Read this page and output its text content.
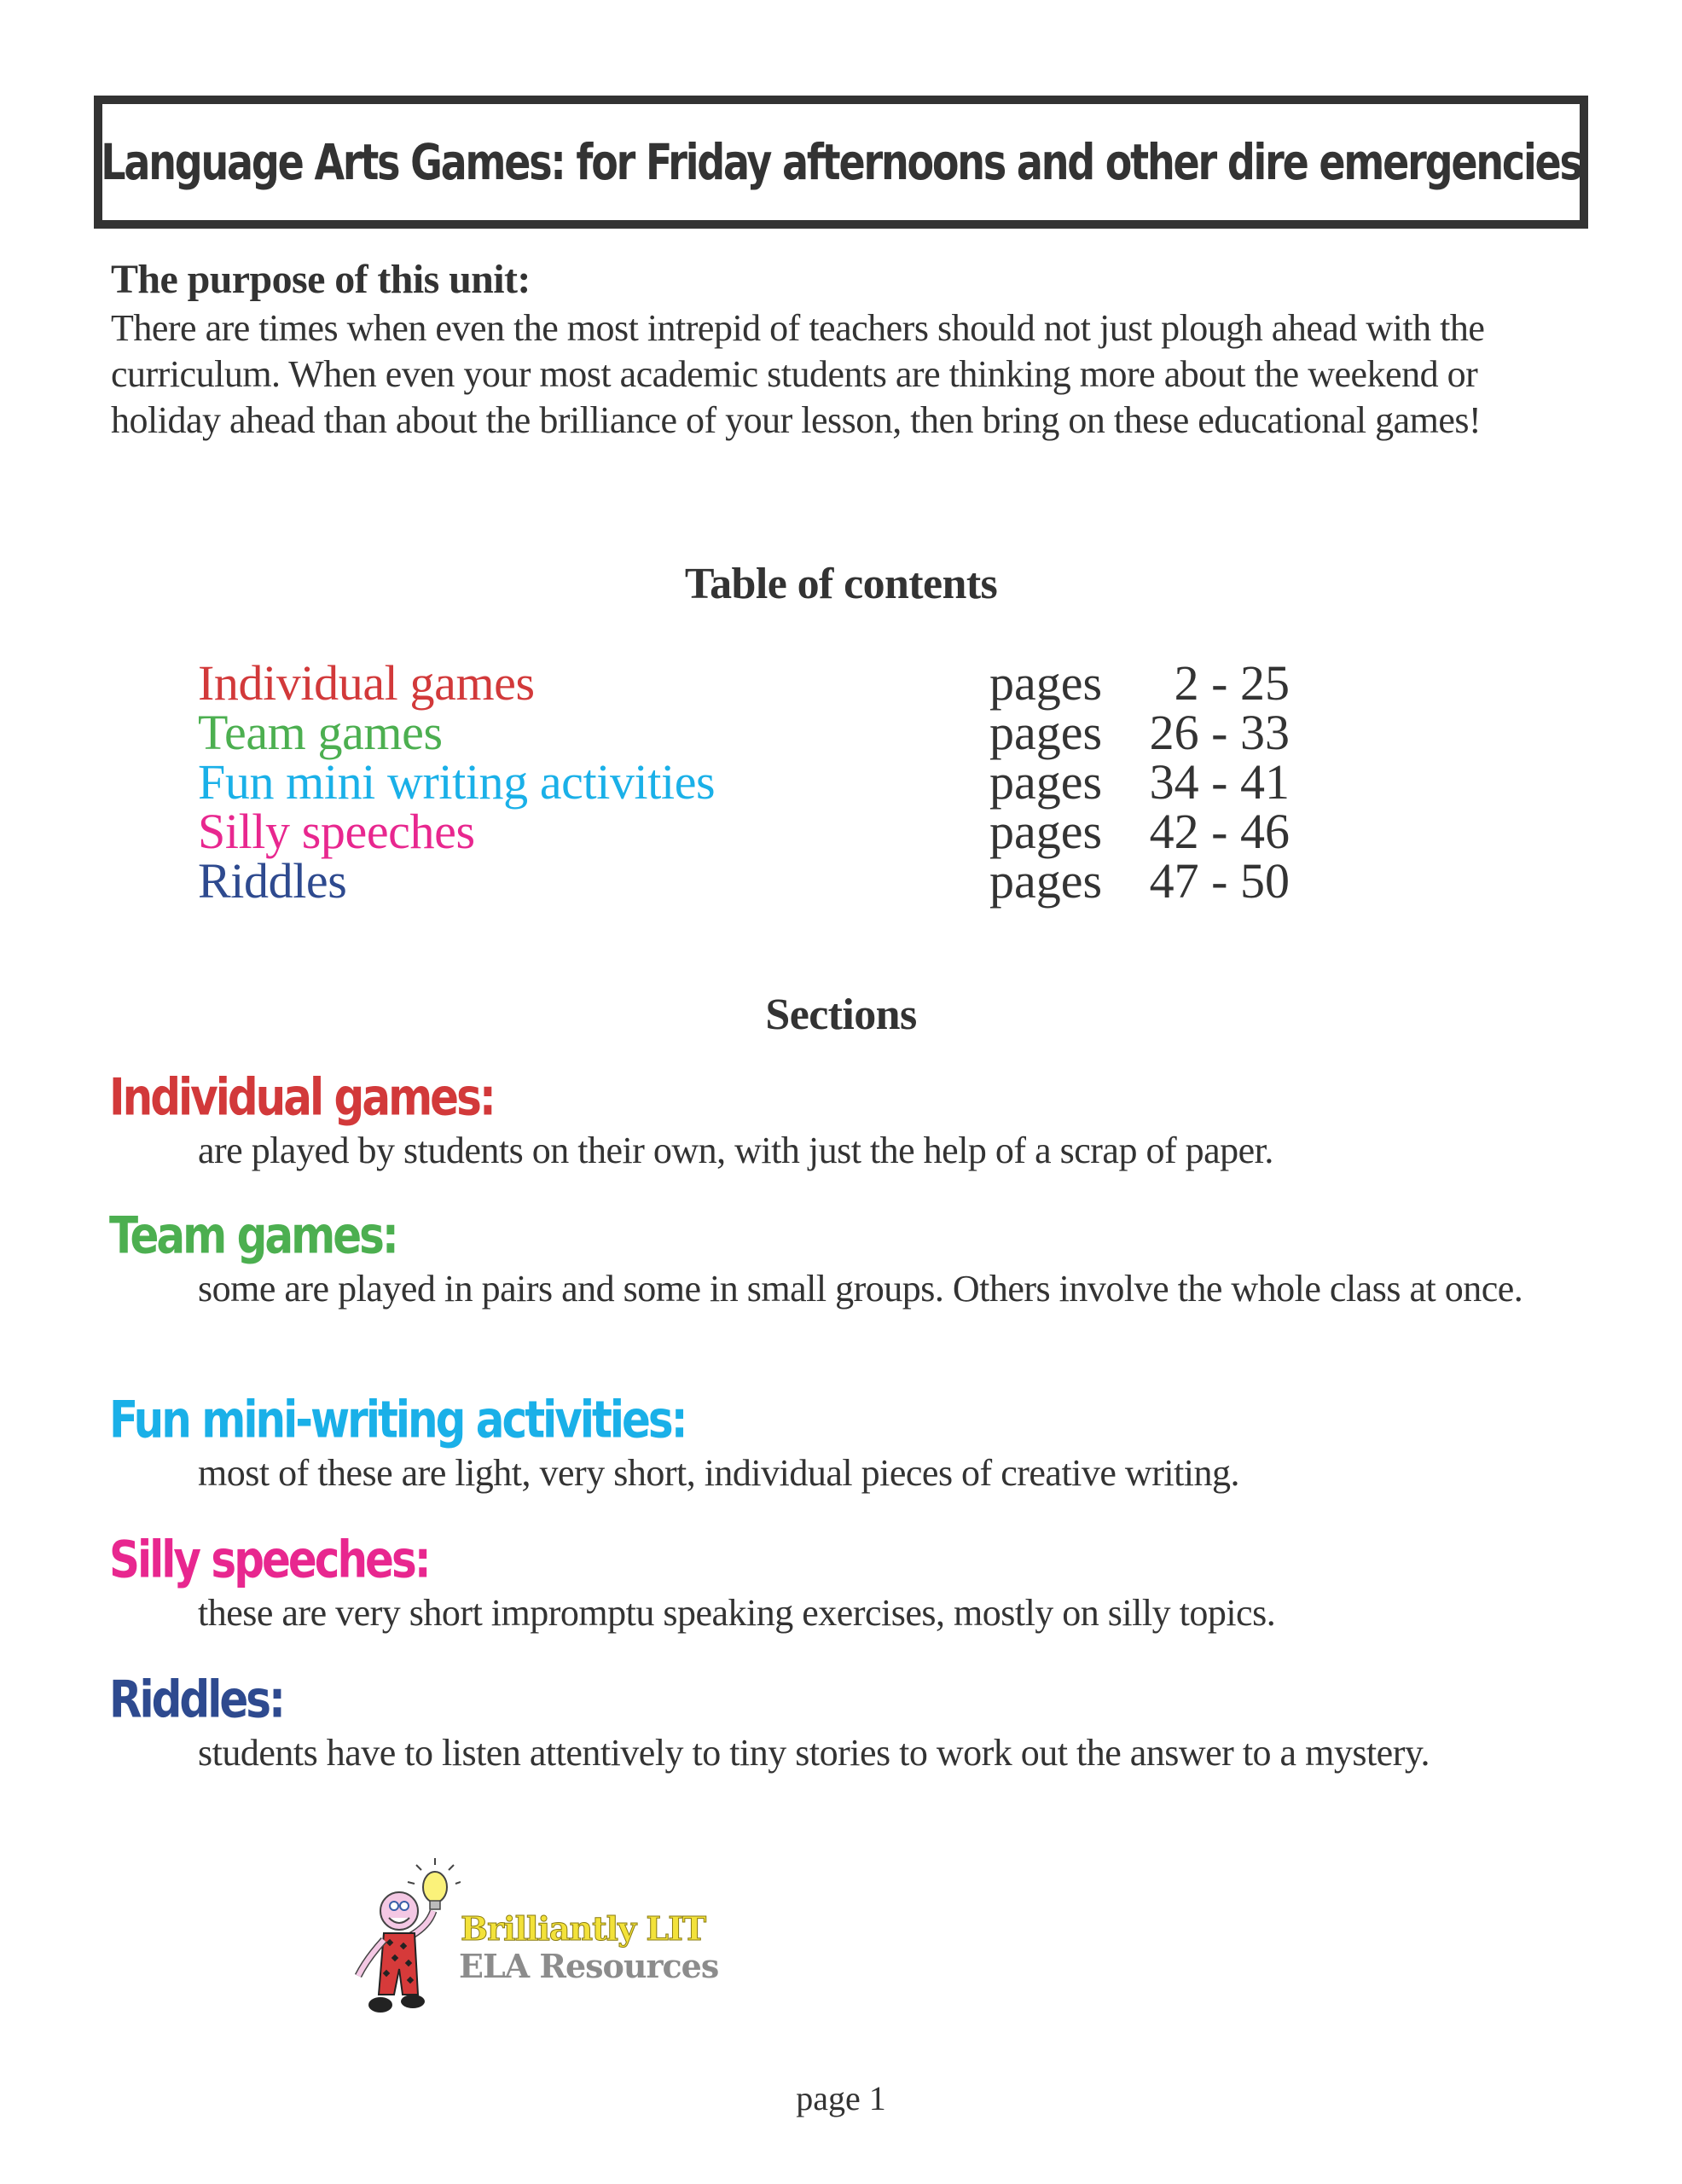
Language Arts Games: for Friday afternoons and other dire emergencies
The purpose of this unit:
There are times when even the most intrepid of teachers should not just plough ahead with the curriculum. When even your most academic students are thinking more about the weekend or holiday ahead than about the brilliance of your lesson, then bring on these educational games!
Table of contents
Individual games	pages	2 - 25
Team games	pages 26 - 33
Fun mini writing activities	pages 34 - 41
Silly speeches	pages 42 - 46
Riddles	pages 47 - 50
Sections
Individual games:
are played by students on their own, with just the help of a scrap of paper.
Team games:
some are played in pairs and some in small groups. Others involve the whole class at once.
Fun mini-writing activities:
most of these are light, very short, individual pieces of creative writing.
Silly speeches:
these are very short impromptu speaking exercises, mostly on silly topics.
Riddles:
students have to listen attentively to tiny stories to work out the answer to a mystery.
Brilliantly LIT
ELA Resources
page 1
